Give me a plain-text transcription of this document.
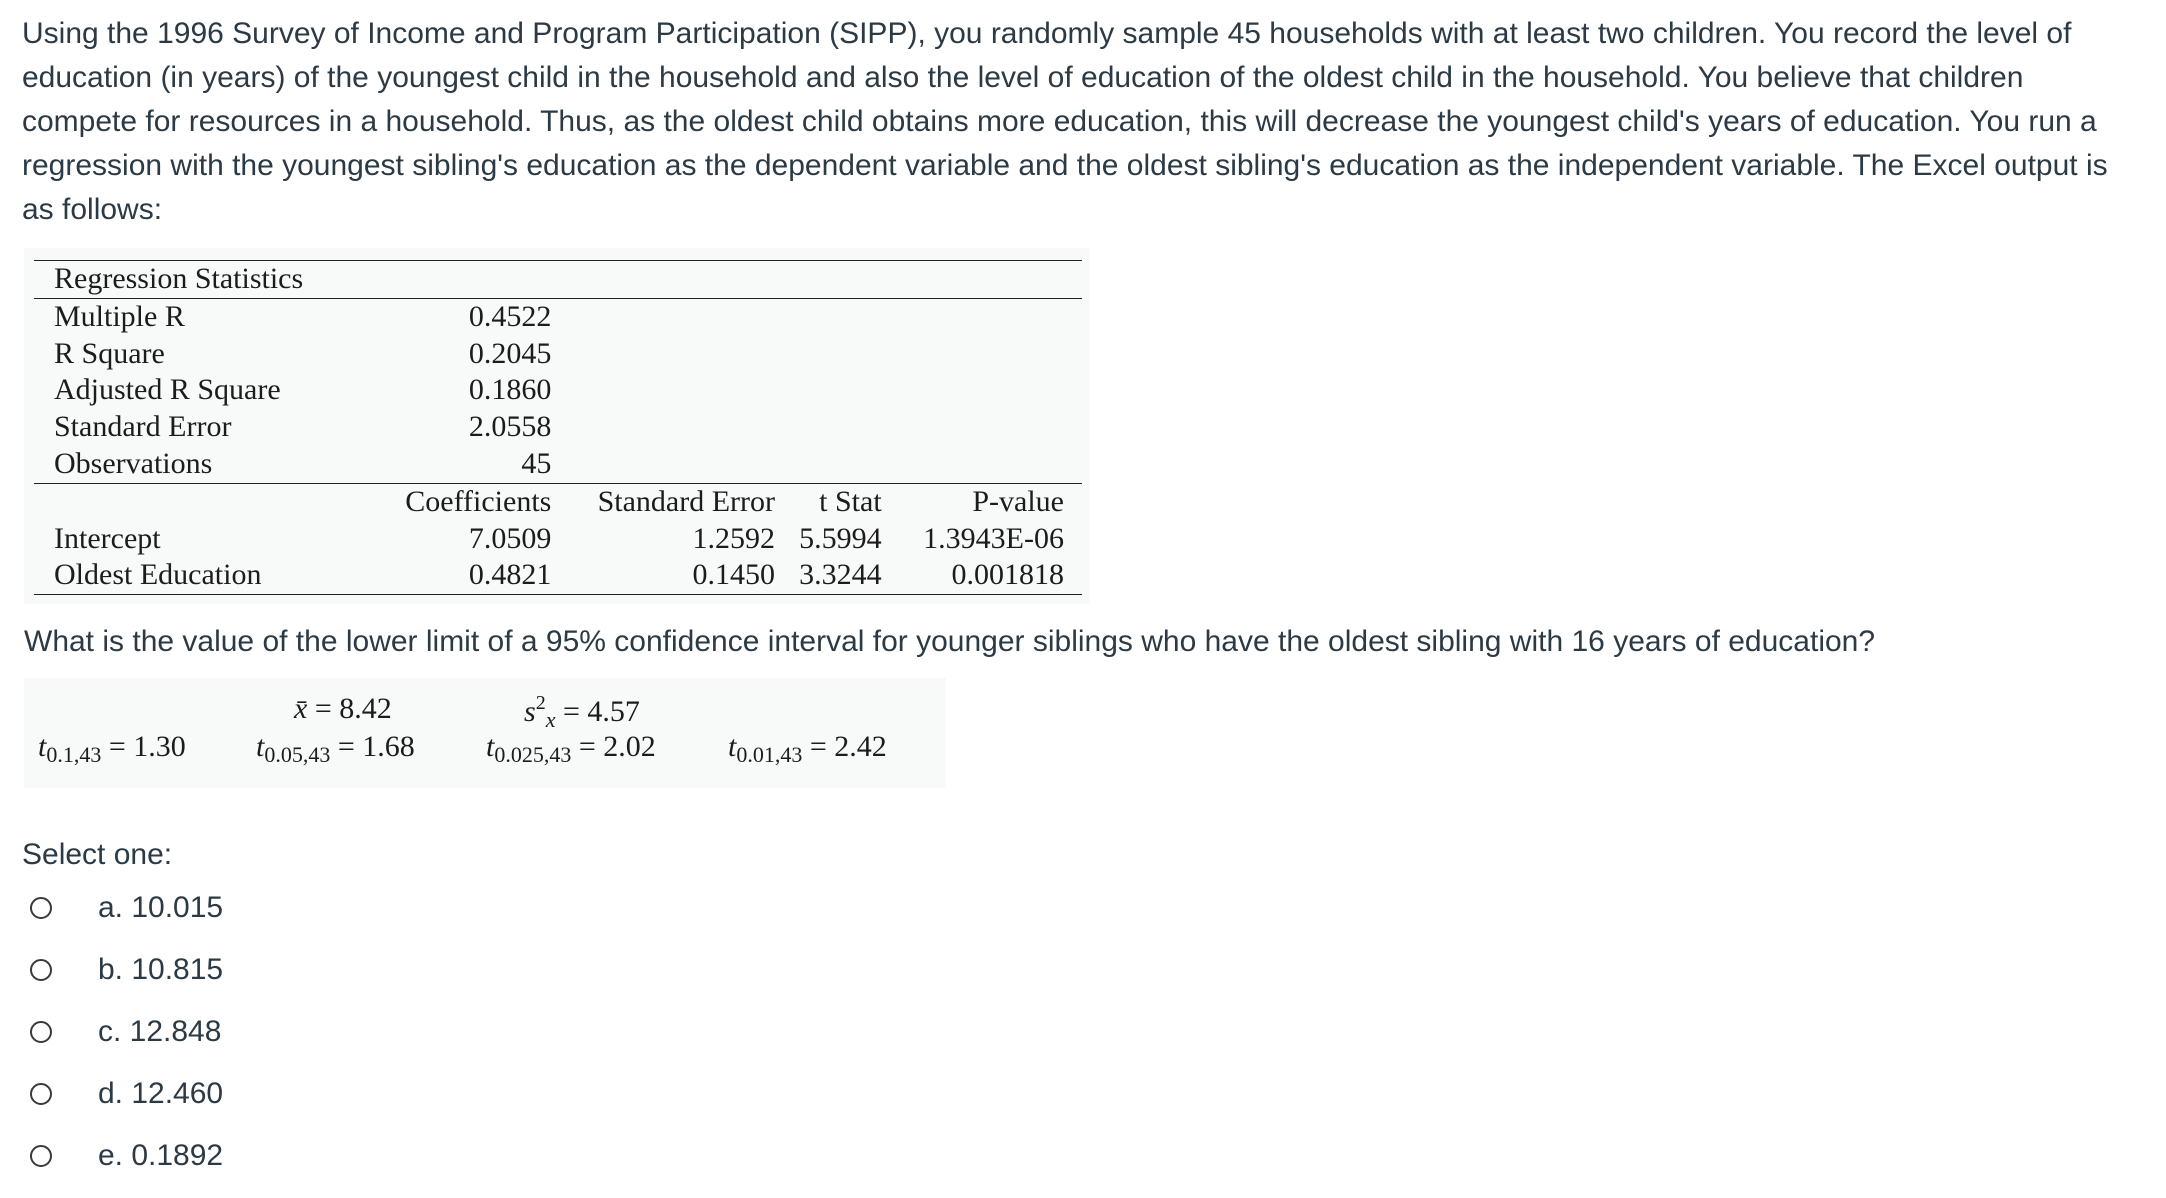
Using the 1996 Survey of Income and Program Participation (SIPP), you randomly sample 45 households with at least two children. You record the level of education (in years) of the youngest child in the household and also the level of education of the oldest child in the household. You believe that children compete for resources in a household. Thus, as the oldest child obtains more education, this will decrease the youngest child's years of education. You run a regression with the youngest sibling's education as the dependent variable and the oldest sibling's education as the independent variable. The Excel output is as follows:

Regression Statistics				
Multiple R	0.4522			
R Square	0.2045			
Adjusted R Square	0.1860			
Standard Error	2.0558			
Observations	45			
	Coefficients	Standard Error	t Stat	P-value
Intercept	7.0509	1.2592	5.5994	1.3943E-06
Oldest Education	0.4821	0.1450	3.3244	0.001818

What is the value of the lower limit of a 95% confidence interval for younger siblings who have the oldest sibling with 16 years of education?

x̄ = 8.42	$s^2_x = 4.57$
$t_{0.1,43} = 1.30$ $t_{0.05,43} = 1.68$ $t_{0.025,43} = 2.02$ $t_{0.01,43} = 2.42$

Select one:

a. 10.015
b. 10.815
c. 12.848
d. 12.460
e. 0.1892
